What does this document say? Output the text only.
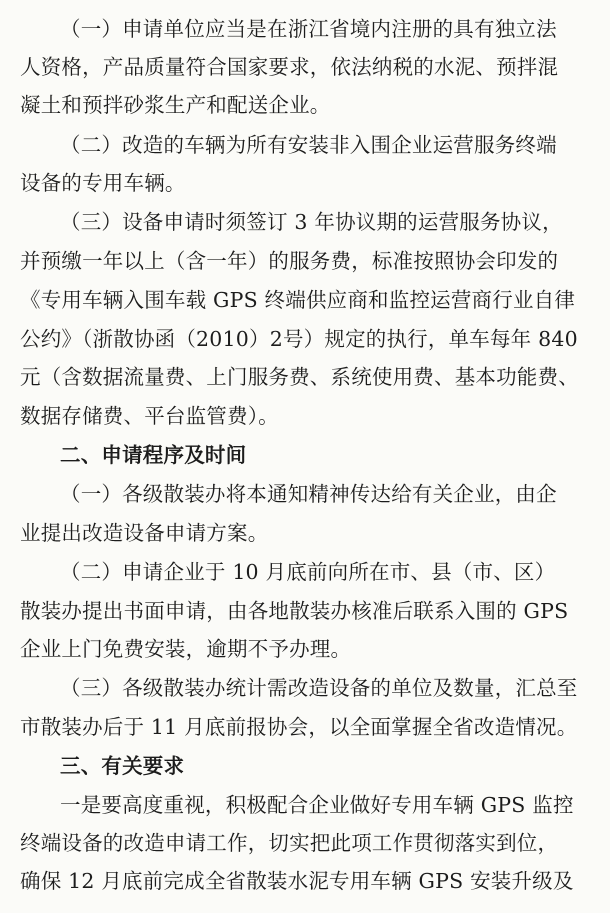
（一）申请单位应当是在浙江省境内注册的具有独立法
人资格，产品质量符合国家要求，依法纳税的水泥、预拌混
凝土和预拌砂浆生产和配送企业。
（二）改造的车辆为所有安装非入围企业运营服务终端
设备的专用车辆。
（三）设备申请时须签订 3 年协议期的运营服务协议，
并预缴一年以上（含一年）的服务费，标准按照协会印发的
《专用车辆入围车载 GPS 终端供应商和监控运营商行业自律
公约》（浙散协函（2010）2号）规定的执行，单车每年 840
元（含数据流量费、上门服务费、系统使用费、基本功能费、
数据存储费、平台监管费）。
二、申请程序及时间
（一）各级散装办将本通知精神传达给有关企业，由企
业提出改造设备申请方案。
（二）申请企业于 10 月底前向所在市、县（市、区）
散装办提出书面申请，由各地散装办核准后联系入围的 GPS
企业上门免费安装，逾期不予办理。
（三）各级散装办统计需改造设备的单位及数量，汇总至
市散装办后于 11 月底前报协会，以全面掌握全省改造情况。
三、有关要求
一是要高度重视，积极配合企业做好专用车辆 GPS 监控
终端设备的改造申请工作，切实把此项工作贯彻落实到位，
确保 12 月底前完成全省散装水泥专用车辆 GPS 安装升级及
